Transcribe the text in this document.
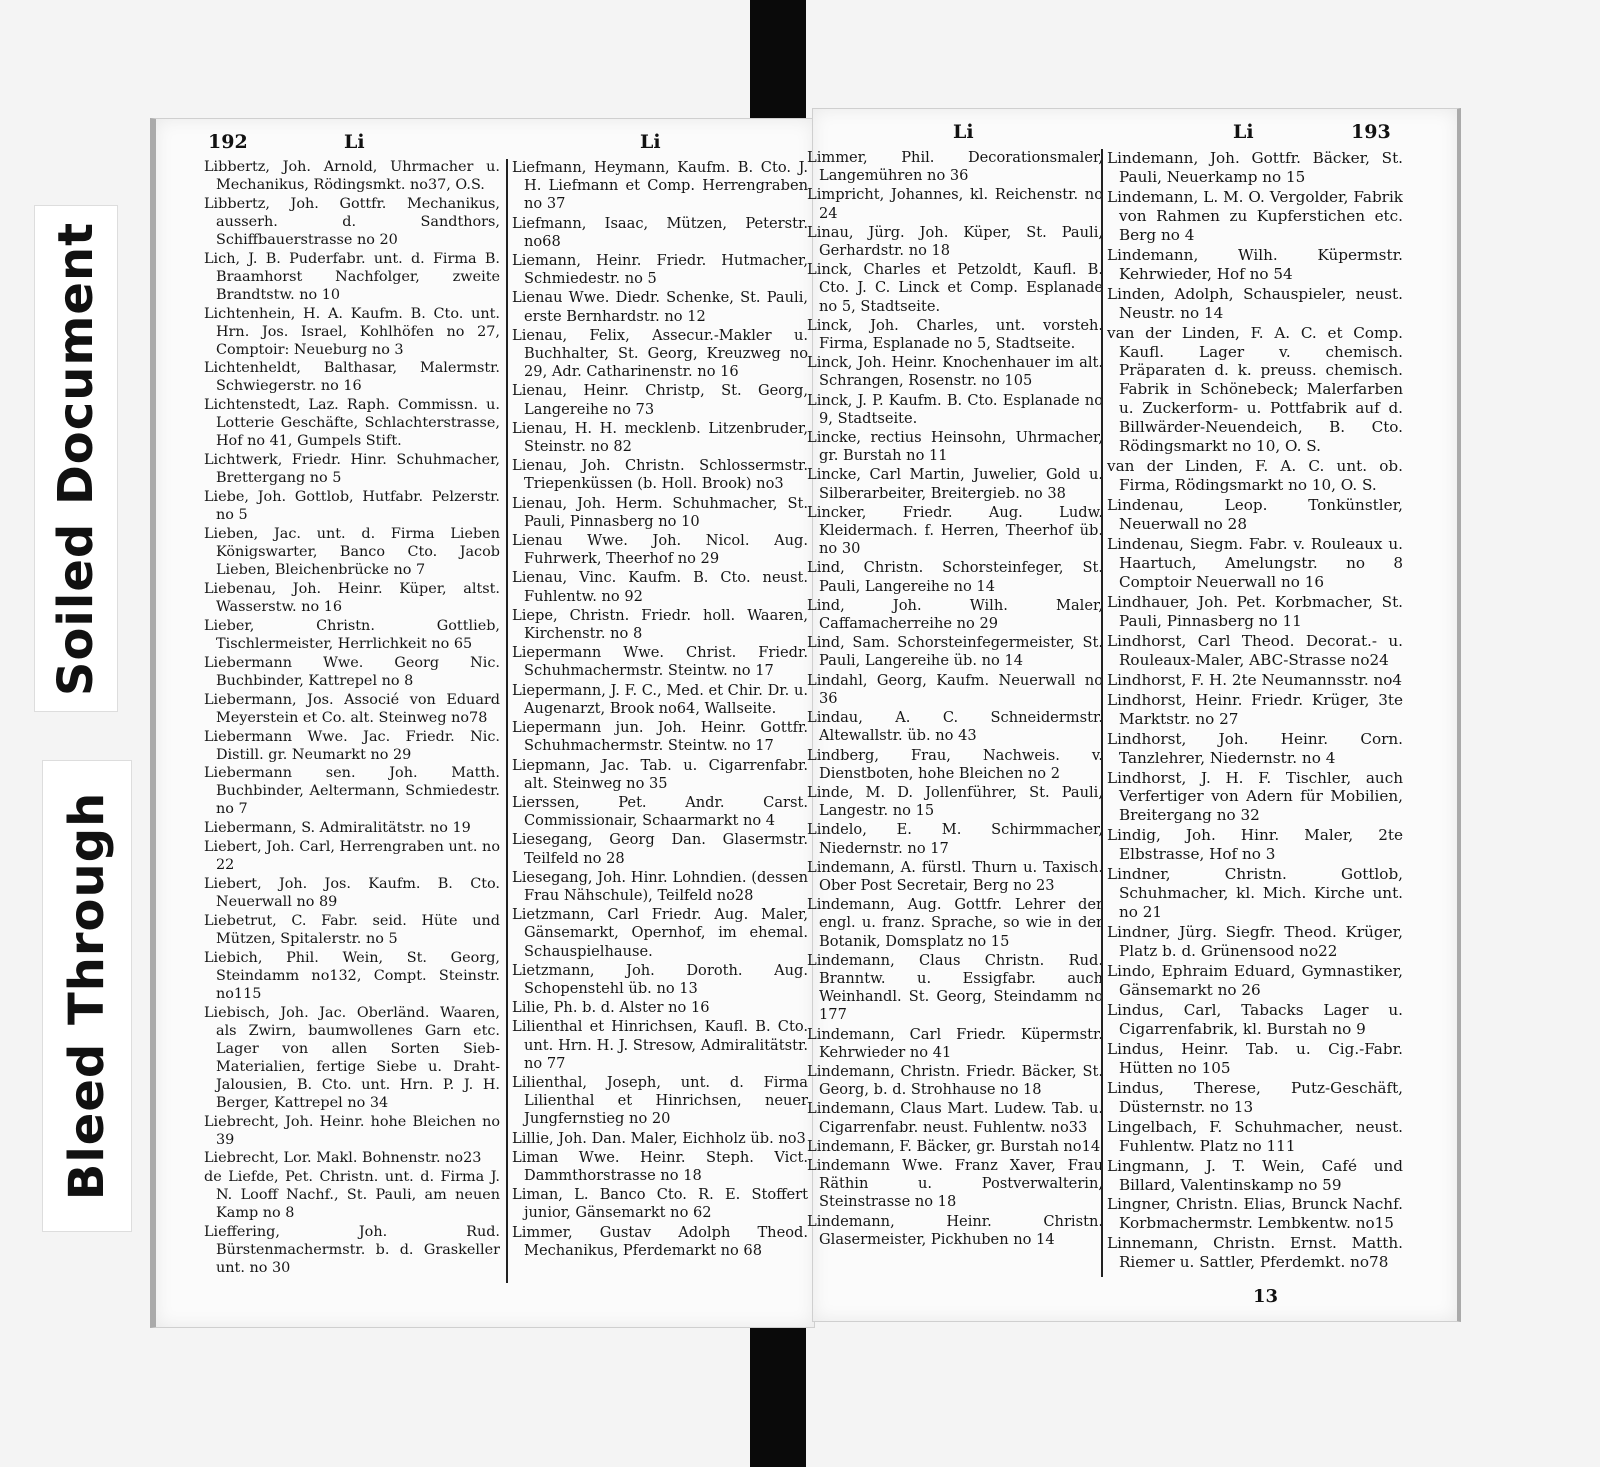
Soiled Document
Bleed Through
192	Li	Li

Libbertz, Joh. Arnold, Uhrmacher u. Mechanikus, Rödingsmkt. no37, O.S.

Libbertz, Joh. Gottfr. Mechanikus, ausserh. d. Sandthors, Schiffbauerstrasse no 20

Lich, J. B. Puderfabr. unt. d. Firma B. Braamhorst Nachfolger, zweite Brandtstw. no 10

Lichtenhein, H. A. Kaufm. B. Cto. unt. Hrn. Jos. Israel, Kohlhöfen no 27, Comptoir: Neueburg no 3

Lichtenheldt, Balthasar, Malermstr. Schwiegerstr. no 16

Lichtenstedt, Laz. Raph. Commissn. u. Lotterie Geschäfte, Schlachterstrasse, Hof no 41, Gumpels Stift.

Lichtwerk, Friedr. Hinr. Schuhmacher, Brettergang no 5

Liebe, Joh. Gottlob, Hutfabr. Pelzerstr. no 5

Lieben, Jac. unt. d. Firma Lieben Königswarter, Banco Cto. Jacob Lieben, Bleichenbrücke no 7

Liebenau, Joh. Heinr. Küper, altst. Wasserstw. no 16

Lieber, Christn. Gottlieb, Tischlermeister, Herrlichkeit no 65

Liebermann Wwe. Georg Nic. Buchbinder, Kattrepel no 8

Liebermann, Jos. Associé von Eduard Meyerstein et Co. alt. Steinweg no78

Liebermann Wwe. Jac. Friedr. Nic. Distill. gr. Neumarkt no 29

Liebermann sen. Joh. Matth. Buchbinder, Aeltermann, Schmiedestr. no 7

Liebermann, S. Admiralitätstr. no 19

Liebert, Joh. Carl, Herrengraben unt. no 22

Liebert, Joh. Jos. Kaufm. B. Cto. Neuerwall no 89

Liebetrut, C. Fabr. seid. Hüte und Mützen, Spitalerstr. no 5

Liebich, Phil. Wein, St. Georg, Steindamm no132, Compt. Steinstr. no115

Liebisch, Joh. Jac. Oberländ. Waaren, als Zwirn, baumwollenes Garn etc. Lager von allen Sorten Sieb-Materialien, fertige Siebe u. Draht-Jalousien, B. Cto. unt. Hrn. P. J. H. Berger, Kattrepel no 34

Liebrecht, Joh. Heinr. hohe Bleichen no 39

Liebrecht, Lor. Makl. Bohnenstr. no23

de Liefde, Pet. Christn. unt. d. Firma J. N. Looff Nachf., St. Pauli, am neuen Kamp no 8

Lieffering, Joh. Rud. Bürstenmachermstr. b. d. Graskeller unt. no 30

Liefmann, Heymann, Kaufm. B. Cto. J. H. Liefmann et Comp. Herrengraben no 37

Liefmann, Isaac, Mützen, Peterstr. no68

Liemann, Heinr. Friedr. Hutmacher, Schmiedestr. no 5

Lienau Wwe. Diedr. Schenke, St. Pauli, erste Bernhardstr. no 12

Lienau, Felix, Assecur.-Makler u. Buchhalter, St. Georg, Kreuzweg no 29, Adr. Catharinenstr. no 16

Lienau, Heinr. Christp, St. Georg, Langereihe no 73

Lienau, H. H. mecklenb. Litzenbruder, Steinstr. no 82

Lienau, Joh. Christn. Schlossermstr. Triepenküssen (b. Holl. Brook) no3

Lienau, Joh. Herm. Schuhmacher, St. Pauli, Pinnasberg no 10

Lienau Wwe. Joh. Nicol. Aug. Fuhrwerk, Theerhof no 29

Lienau, Vinc. Kaufm. B. Cto. neust. Fuhlentw. no 92

Liepe, Christn. Friedr. holl. Waaren, Kirchenstr. no 8

Liepermann Wwe. Christ. Friedr. Schuhmachermstr. Steintw. no 17

Liepermann, J. F. C., Med. et Chir. Dr. u. Augenarzt, Brook no64, Wallseite.

Liepermann jun. Joh. Heinr. Gottfr. Schuhmachermstr. Steintw. no 17

Liepmann, Jac. Tab. u. Cigarrenfabr. alt. Steinweg no 35

Lierssen, Pet. Andr. Carst. Commissionair, Schaarmarkt no 4

Liesegang, Georg Dan. Glasermstr. Teilfeld no 28

Liesegang, Joh. Hinr. Lohndien. (dessen Frau Nähschule), Teilfeld no28

Lietzmann, Carl Friedr. Aug. Maler, Gänsemarkt, Opernhof, im ehemal. Schauspielhause.

Lietzmann, Joh. Doroth. Aug. Schopenstehl üb. no 13

Lilie, Ph. b. d. Alster no 16

Lilienthal et Hinrichsen, Kaufl. B. Cto. unt. Hrn. H. J. Stresow, Admiralitätstr. no 77

Lilienthal, Joseph, unt. d. Firma Lilienthal et Hinrichsen, neuer Jungfernstieg no 20

Lillie, Joh. Dan. Maler, Eichholz üb. no3

Liman Wwe. Heinr. Steph. Vict. Dammthorstrasse no 18

Liman, L. Banco Cto. R. E. Stoffert junior, Gänsemarkt no 62

Limmer, Gustav Adolph Theod. Mechanikus, Pferdemarkt no 68

Li	Li	193

Limmer, Phil. Decorationsmaler, Langemühren no 36

Limpricht, Johannes, kl. Reichenstr. no 24

Linau, Jürg. Joh. Küper, St. Pauli, Gerhardstr. no 18

Linck, Charles et Petzoldt, Kaufl. B. Cto. J. C. Linck et Comp. Esplanade no 5, Stadtseite.

Linck, Joh. Charles, unt. vorsteh. Firma, Esplanade no 5, Stadtseite.

Linck, Joh. Heinr. Knochenhauer im alt. Schrangen, Rosenstr. no 105

Linck, J. P. Kaufm. B. Cto. Esplanade no 9, Stadtseite.

Lincke, rectius Heinsohn, Uhrmacher, gr. Burstah no 11

Lincke, Carl Martin, Juwelier, Gold u. Silberarbeiter, Breitergieb. no 38

Lincker, Friedr. Aug. Ludw. Kleidermach. f. Herren, Theerhof üb. no 30

Lind, Christn. Schorsteinfeger, St. Pauli, Langereihe no 14

Lind, Joh. Wilh. Maler, Caffamacherreihe no 29

Lind, Sam. Schorsteinfegermeister, St. Pauli, Langereihe üb. no 14

Lindahl, Georg, Kaufm. Neuerwall no 36

Lindau, A. C. Schneidermstr. Altewallstr. üb. no 43

Lindberg, Frau, Nachweis. v. Dienstboten, hohe Bleichen no 2

Linde, M. D. Jollenführer, St. Pauli, Langestr. no 15

Lindelo, E. M. Schirmmacher, Niedernstr. no 17

Lindemann, A. fürstl. Thurn u. Taxisch. Ober Post Secretair, Berg no 23

Lindemann, Aug. Gottfr. Lehrer der engl. u. franz. Sprache, so wie in der Botanik, Domsplatz no 15

Lindemann, Claus Christn. Rud. Branntw. u. Essigfabr. auch Weinhandl. St. Georg, Steindamm no 177

Lindemann, Carl Friedr. Küpermstr. Kehrwieder no 41

Lindemann, Christn. Friedr. Bäcker, St. Georg, b. d. Strohhause no 18

Lindemann, Claus Mart. Ludew. Tab. u. Cigarrenfabr. neust. Fuhlentw. no33

Lindemann, F. Bäcker, gr. Burstah no14

Lindemann Wwe. Franz Xaver, Frau Räthin u. Postverwalterin, Steinstrasse no 18

Lindemann, Heinr. Christn. Glasermeister, Pickhuben no 14

Lindemann, Joh. Gottfr. Bäcker, St. Pauli, Neuerkamp no 15

Lindemann, L. M. O. Vergolder, Fabrik von Rahmen zu Kupferstichen etc. Berg no 4

Lindemann, Wilh. Küpermstr. Kehrwieder, Hof no 54

Linden, Adolph, Schauspieler, neust. Neustr. no 14

van der Linden, F. A. C. et Comp. Kaufl. Lager v. chemisch. Präparaten d. k. preuss. chemisch. Fabrik in Schönebeck; Malerfarben u. Zuckerform- u. Pottfabrik auf d. Billwärder-Neuendeich, B. Cto. Rödingsmarkt no 10, O. S.

van der Linden, F. A. C. unt. ob. Firma, Rödingsmarkt no 10, O. S.

Lindenau, Leop. Tonkünstler, Neuerwall no 28

Lindenau, Siegm. Fabr. v. Rouleaux u. Haartuch, Amelungstr. no 8 Comptoir Neuerwall no 16

Lindhauer, Joh. Pet. Korbmacher, St. Pauli, Pinnasberg no 11

Lindhorst, Carl Theod. Decorat.- u. Rouleaux-Maler, ABC-Strasse no24

Lindhorst, F. H. 2te Neumannsstr. no4

Lindhorst, Heinr. Friedr. Krüger, 3te Marktstr. no 27

Lindhorst, Joh. Heinr. Corn. Tanzlehrer, Niedernstr. no 4

Lindhorst, J. H. F. Tischler, auch Verfertiger von Adern für Mobilien, Breitergang no 32

Lindig, Joh. Hinr. Maler, 2te Elbstrasse, Hof no 3

Lindner, Christn. Gottlob, Schuhmacher, kl. Mich. Kirche unt. no 21

Lindner, Jürg. Siegfr. Theod. Krüger, Platz b. d. Grünensood no22

Lindo, Ephraim Eduard, Gymnastiker, Gänsemarkt no 26

Lindus, Carl, Tabacks Lager u. Cigarrenfabrik, kl. Burstah no 9

Lindus, Heinr. Tab. u. Cig.-Fabr. Hütten no 105

Lindus, Therese, Putz-Geschäft, Düsternstr. no 13

Lingelbach, F. Schuhmacher, neust. Fuhlentw. Platz no 111

Lingmann, J. T. Wein, Café und Billard, Valentinskamp no 59

Lingner, Christn. Elias, Brunck Nachf. Korbmachermstr. Lembkentw. no15

Linnemann, Christn. Ernst. Matth. Riemer u. Sattler, Pferdemkt. no78

13
